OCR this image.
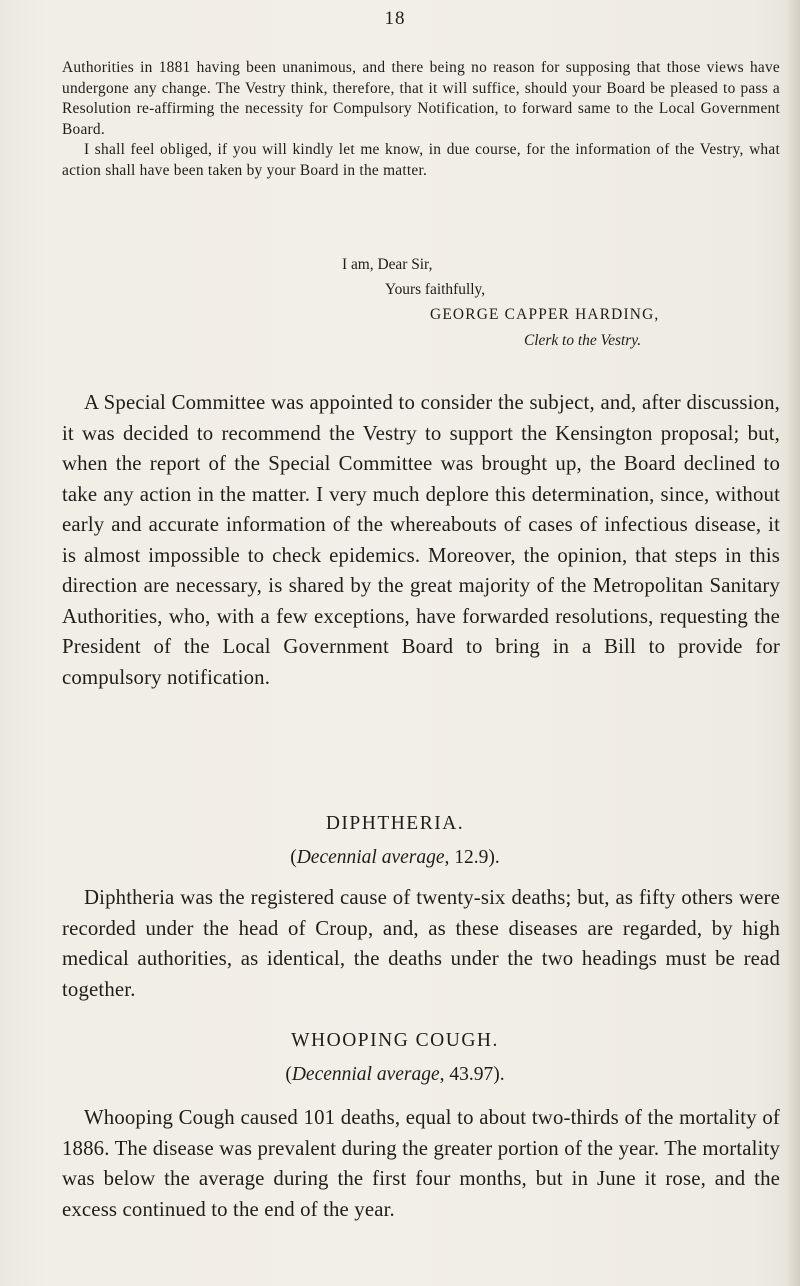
18

Authorities in 1881 having been unanimous, and there being no reason for supposing that those views have undergone any change. The Vestry think, therefore, that it will suffice, should your Board be pleased to pass a Resolution re-affirming the necessity for Compulsory Notification, to forward same to the Local Government Board.

I shall feel obliged, if you will kindly let me know, in due course, for the information of the Vestry, what action shall have been taken by your Board in the matter.

I am, Dear Sir,
Yours faithfully,
GEORGE CAPPER HARDING,
Clerk to the Vestry.

A Special Committee was appointed to consider the subject, and, after discussion, it was decided to recommend the Vestry to support the Kensington proposal; but, when the report of the Special Committee was brought up, the Board declined to take any action in the matter. I very much deplore this determination, since, without early and accurate information of the whereabouts of cases of infectious disease, it is almost impossible to check epidemics. Moreover, the opinion, that steps in this direction are necessary, is shared by the great majority of the Metropolitan Sanitary Authorities, who, with a few exceptions, have forwarded resolutions, requesting the President of the Local Government Board to bring in a Bill to provide for compulsory notification.

DIPHTHERIA.
(Decennial average, 12.9).

Diphtheria was the registered cause of twenty-six deaths; but, as fifty others were recorded under the head of Croup, and, as these diseases are regarded, by high medical authorities, as identical, the deaths under the two headings must be read together.

WHOOPING COUGH.
(Decennial average, 43.97).

Whooping Cough caused 101 deaths, equal to about two-thirds of the mortality of 1886. The disease was prevalent during the greater portion of the year. The mortality was below the average during the first four months, but in June it rose, and the excess continued to the end of the year.
